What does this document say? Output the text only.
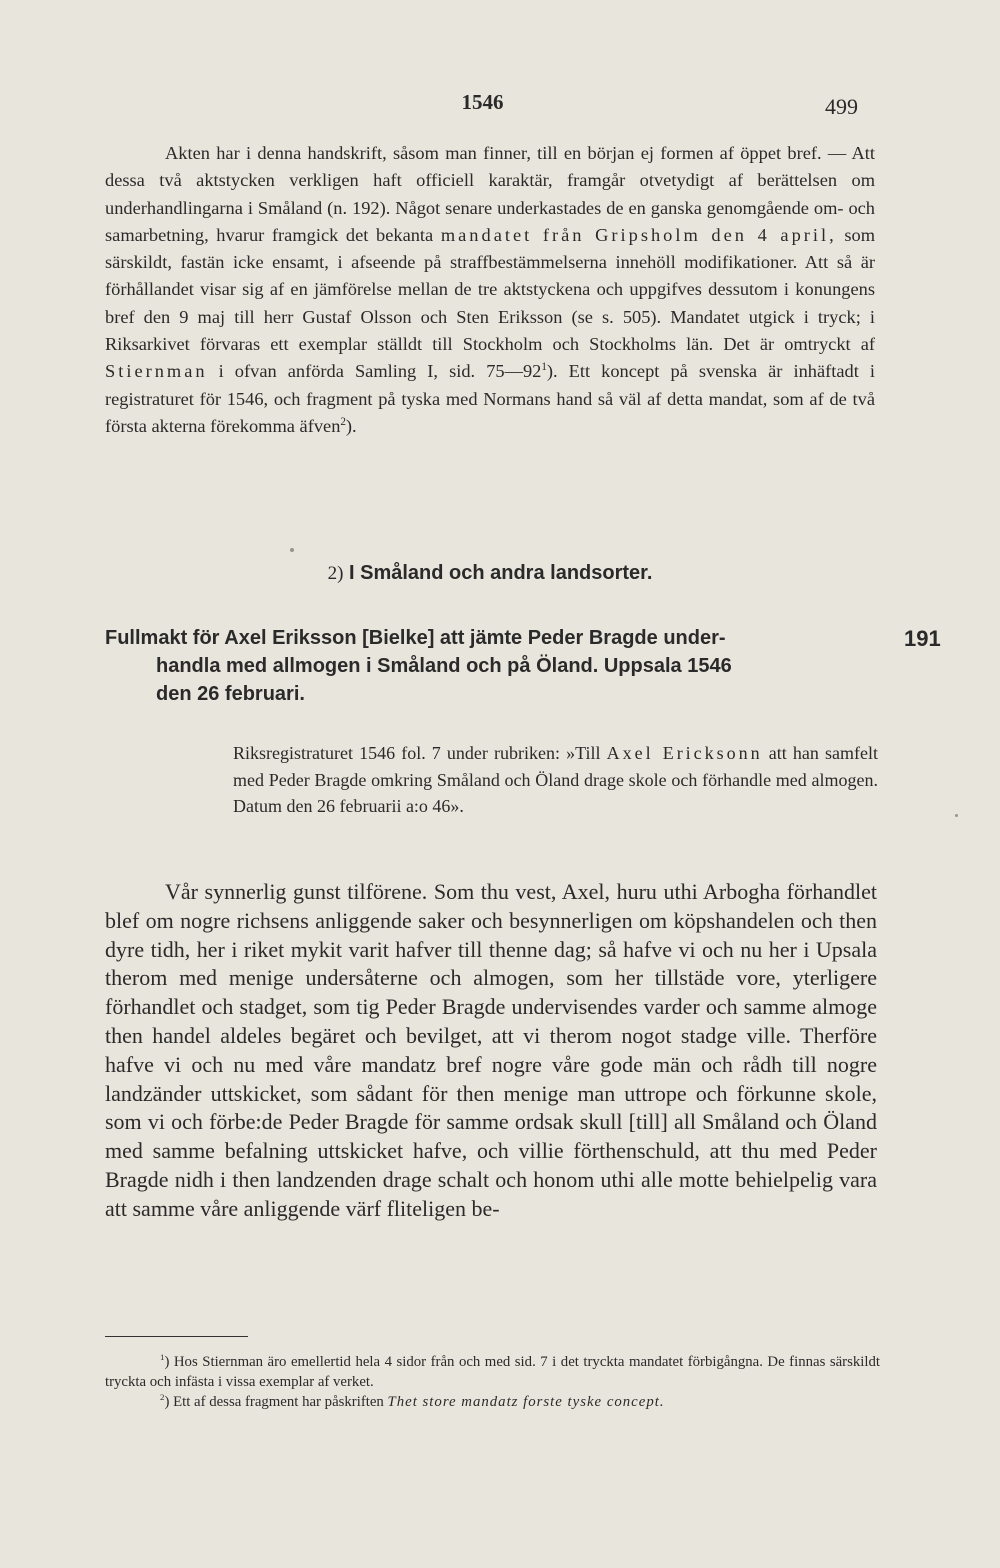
1546	499

Akten har i denna handskrift, såsom man finner, till en början ej formen af öppet bref. — Att dessa två aktstycken verkligen haft officiell karaktär, framgår otvetydigt af berättelsen om underhandlingarna i Småland (n. 192). Något senare underkastades de en ganska genomgående om- och samarbetning, hvarur framgick det bekanta mandatet från Gripsholm den 4 april, som särskildt, fastän icke ensamt, i afseende på straffbestämmelserna innehöll modifikationer. Att så är förhållandet visar sig af en jämförelse mellan de tre aktstyckena och uppgifves dessutom i konungens bref den 9 maj till herr Gustaf Olsson och Sten Eriksson (se s. 505). Mandatet utgick i tryck; i Riksarkivet förvaras ett exemplar ställdt till Stockholm och Stockholms län. Det är omtryckt af Stiernman i ofvan anförda Samling I, sid. $75—92^1$). Ett koncept på svenska är inhäftadt i registraturet för 1546, och fragment på tyska med Normans hand så väl af detta mandat, som af de två första akterna förekomma äfven$^2$).

2) I Småland och andra landsorter.
Fullmakt för Axel Eriksson [Bielke] att jämte Peder Bragde under-
handla med allmogen i Småland och på Öland. Uppsala 1546
den 26 februari.
191
Riksregistraturet 1546 fol. 7 under rubriken: »Till Axel Ericksonn att han samfelt med Peder Bragde omkring Småland och Öland drage skole och förhandle med almogen. Datum den 26 februarii a:o 46».

Vår synnerlig gunst tilförene. Som thu vest, Axel, huru uthi Arbogha förhandlet blef om nogre richsens anliggende saker och besynnerligen om köpshandelen och then dyre tidh, her i riket mykit varit hafver till thenne dag; så hafve vi och nu her i Upsala therom med menige undersåterne och almogen, som her tillstäde vore, yterligere förhandlet och stadget, som tig Peder Bragde undervisendes varder och samme almoge then handel aldeles begäret och bevilget, att vi therom nogot stadge ville. Therföre hafve vi och nu med våre mandatz bref nogre våre gode män och rådh till nogre landzänder uttskicket, som sådant för then menige man uttrope och förkunne skole, som vi och förbe:de Peder Bragde för samme ordsak skull [till] all Småland och Öland med samme befalning uttskicket hafve, och villie förthenschuld, att thu med Peder Bragde nidh i then landzenden drage schalt och honom uthi alle motte behielpelig vara att samme våre anliggende värf fliteligen be-

$^1$) Hos Stiernman äro emellertid hela 4 sidor från och med sid. 7 i det tryckta mandatet förbigångna. De finnas särskildt tryckta och infästa i vissa exemplar af verket.

$^2$) Ett af dessa fragment har påskriften Thet store mandatz forste tyske concept.
